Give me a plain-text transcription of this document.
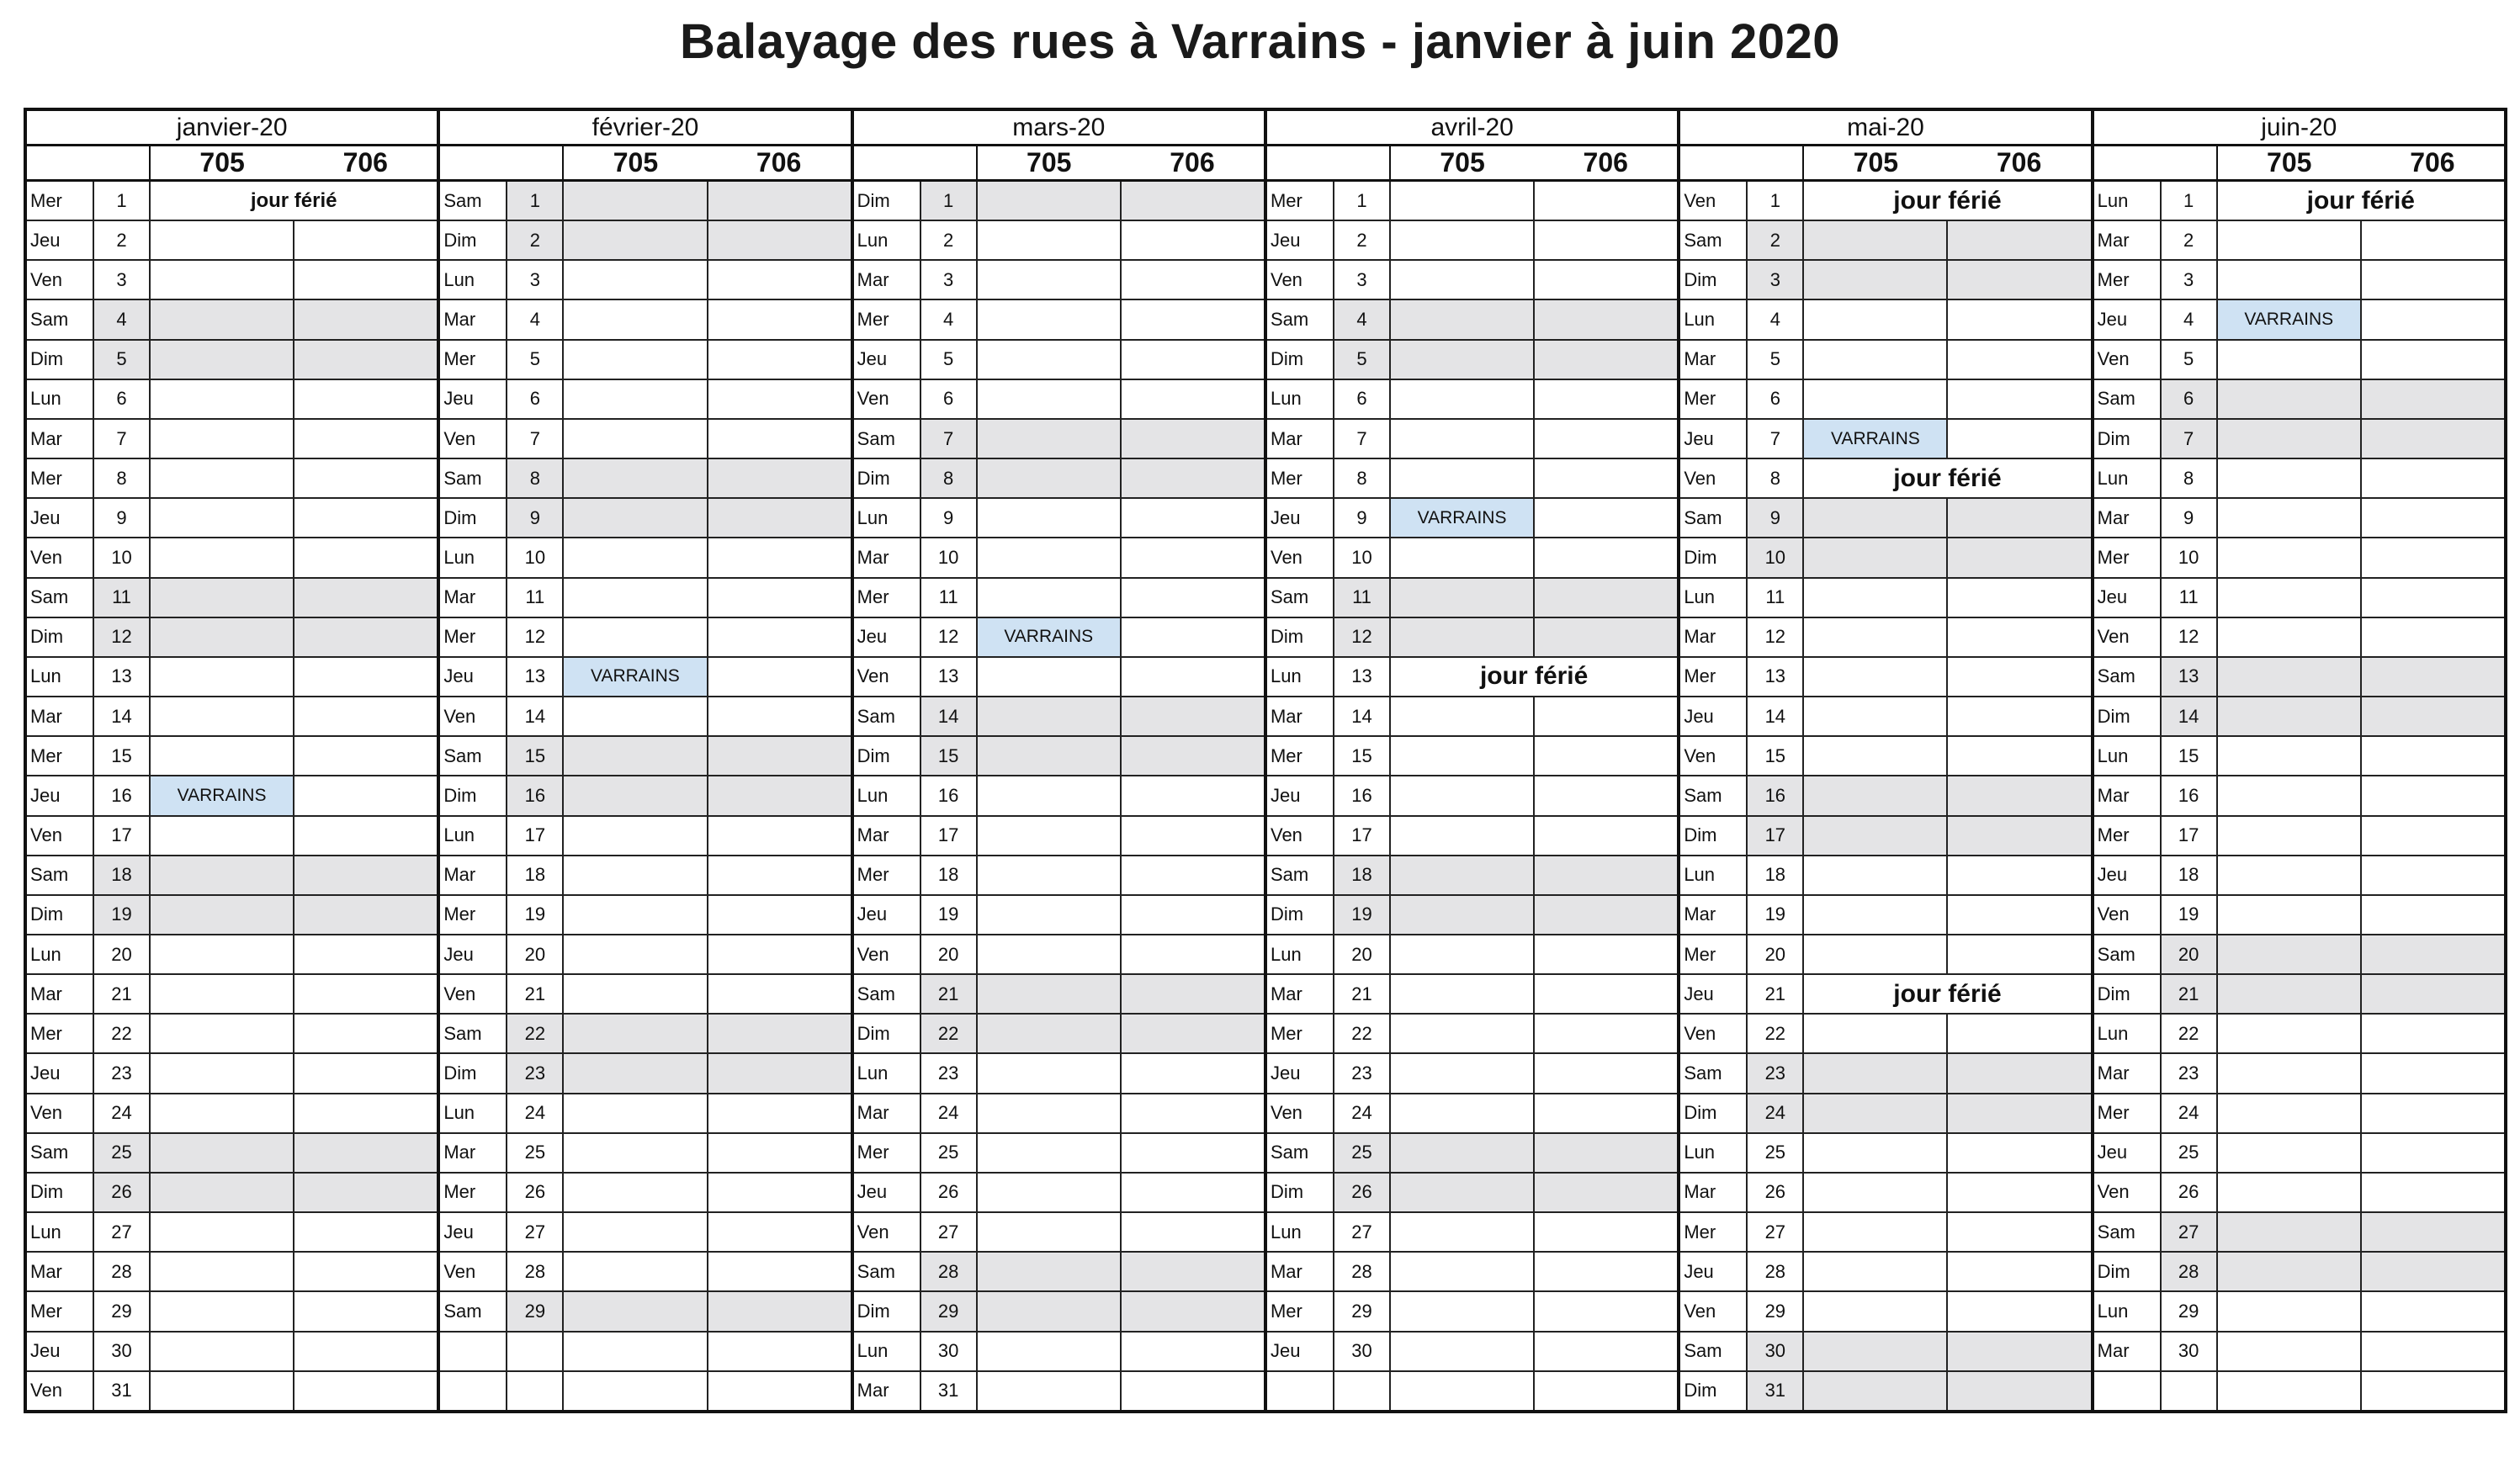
Balayage des rues à Varrains - janvier à juin 2020
janvier-20
705	706
Mer	1	jour férié
Jeu	2
Ven	3
Sam	4
Dim	5
Lun	6
Mar	7
Mer	8
Jeu	9
Ven	10
Sam	11
Dim	12
Lun	13
Mar	14
Mer	15
Jeu	16	VARRAINS
Ven	17
Sam	18
Dim	19
Lun	20
Mar	21
Mer	22
Jeu	23
Ven	24
Sam	25
Dim	26
Lun	27
Mar	28
Mer	29
Jeu	30
Ven	31
février-20
705	706
Sam	1
Dim	2
Lun	3
Mar	4
Mer	5
Jeu	6
Ven	7
Sam	8
Dim	9
Lun	10
Mar	11
Mer	12
Jeu	13	VARRAINS
Ven	14
Sam	15
Dim	16
Lun	17
Mar	18
Mer	19
Jeu	20
Ven	21
Sam	22
Dim	23
Lun	24
Mar	25
Mer	26
Jeu	27
Ven	28
Sam	29
mars-20
705	706
Dim	1
Lun	2
Mar	3
Mer	4
Jeu	5
Ven	6
Sam	7
Dim	8
Lun	9
Mar	10
Mer	11
Jeu	12	VARRAINS
Ven	13
Sam	14
Dim	15
Lun	16
Mar	17
Mer	18
Jeu	19
Ven	20
Sam	21
Dim	22
Lun	23
Mar	24
Mer	25
Jeu	26
Ven	27
Sam	28
Dim	29
Lun	30
Mar	31
avril-20
705	706
Mer	1
Jeu	2
Ven	3
Sam	4
Dim	5
Lun	6
Mar	7
Mer	8
Jeu	9	VARRAINS
Ven	10
Sam	11
Dim	12
Lun	13	jour férié
Mar	14
Mer	15
Jeu	16
Ven	17
Sam	18
Dim	19
Lun	20
Mar	21
Mer	22
Jeu	23
Ven	24
Sam	25
Dim	26
Lun	27
Mar	28
Mer	29
Jeu	30
mai-20
705	706
Ven	1	jour férié
Sam	2
Dim	3
Lun	4
Mar	5
Mer	6
Jeu	7	VARRAINS
Ven	8	jour férié
Sam	9
Dim	10
Lun	11
Mar	12
Mer	13
Jeu	14
Ven	15
Sam	16
Dim	17
Lun	18
Mar	19
Mer	20
Jeu	21	jour férié
Ven	22
Sam	23
Dim	24
Lun	25
Mar	26
Mer	27
Jeu	28
Ven	29
Sam	30
Dim	31
juin-20
705	706
Lun	1	jour férié
Mar	2
Mer	3
Jeu	4	VARRAINS
Ven	5
Sam	6
Dim	7
Lun	8
Mar	9
Mer	10
Jeu	11
Ven	12
Sam	13
Dim	14
Lun	15
Mar	16
Mer	17
Jeu	18
Ven	19
Sam	20
Dim	21
Lun	22
Mar	23
Mer	24
Jeu	25
Ven	26
Sam	27
Dim	28
Lun	29
Mar	30
